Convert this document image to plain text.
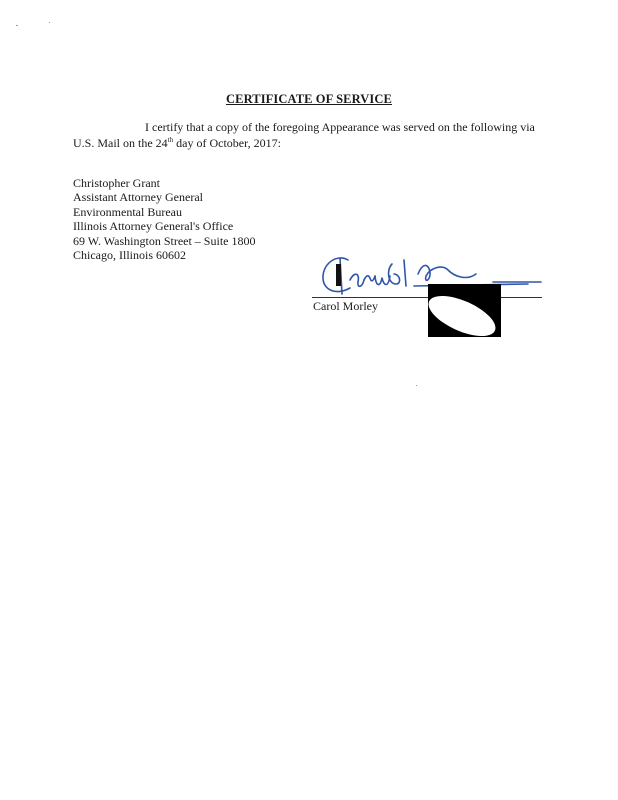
CERTIFICATE OF SERVICE
I certify that a copy of the foregoing Appearance was served on the following via
U.S. Mail on the 24th day of October, 2017:
Christopher Grant
Assistant Attorney General
Environmental Bureau
Illinois Attorney General's Office
69 W. Washington Street – Suite 1800
Chicago, Illinois 60602
Carol Morley
